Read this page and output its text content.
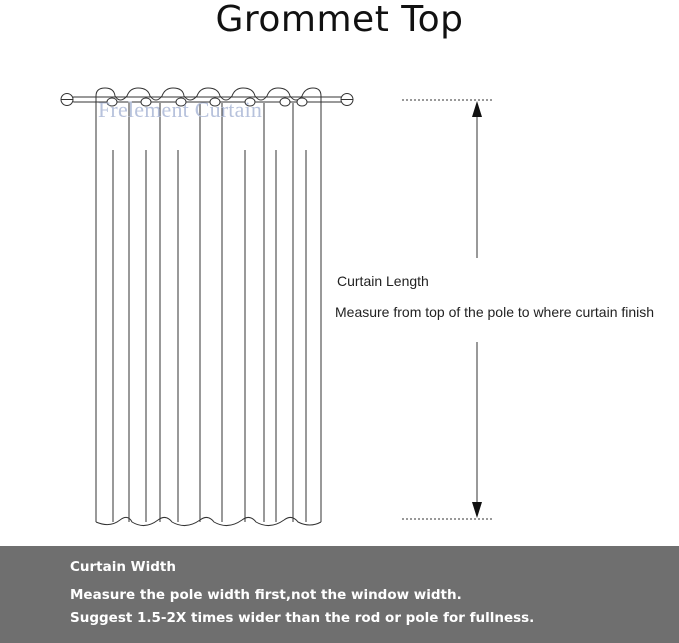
Grommet Top
Frelement Curtain
Curtain Length
Measure from top of the pole to where curtain finish
Curtain Width
Measure the pole width first,not the window width.
Suggest 1.5-2X times wider than the rod or pole for fullness.
